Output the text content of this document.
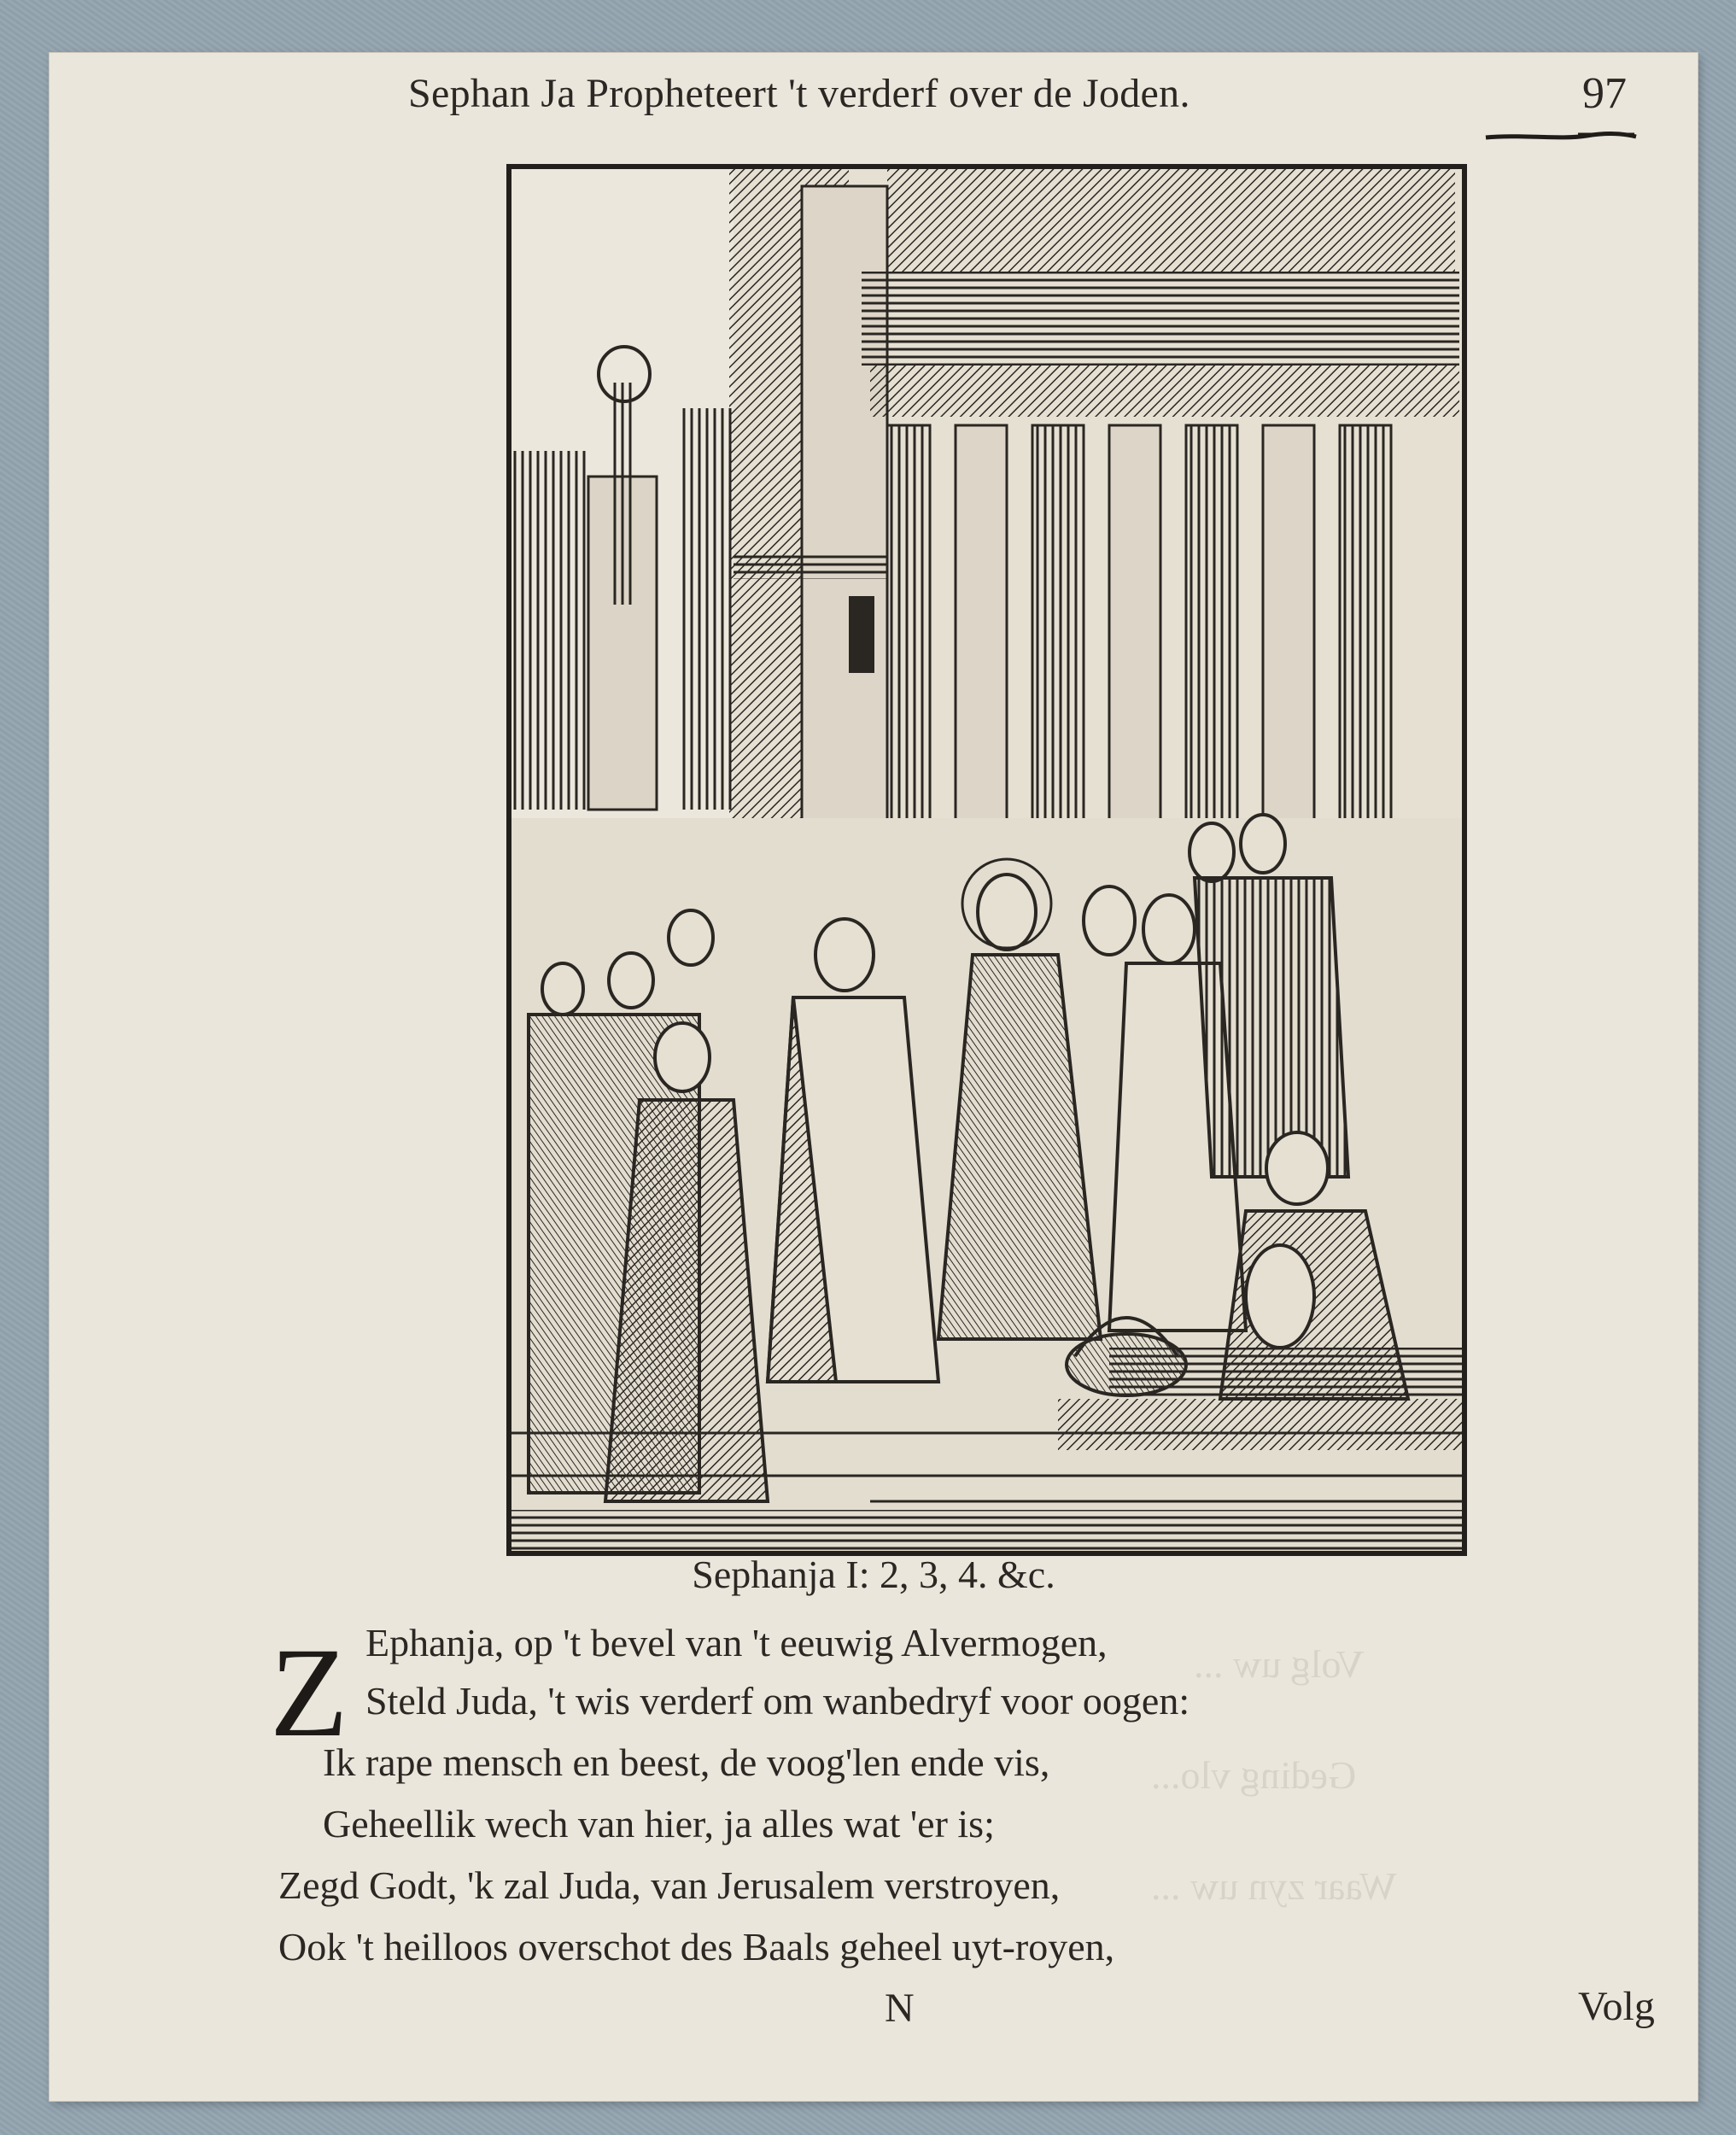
Volg uw ...
Geding vlo...
Waar zyn uw ...
Sephan Ja Propheteert 't verderf over de Joden.	97
Sephanja I: 2, 3, 4. &c.
Z Ephanja, op 't bevel van 't eeuwig Alvermogen,
Steld Juda, 't wis verderf om wanbedryf voor oogen:
Ik rape mensch en beest, de voog'len ende vis,
Geheellik wech van hier, ja alles wat 'er is;
Zegd Godt, 'k zal Juda, van Jerusalem verstroyen,
Ook 't heilloos overschot des Baals geheel uyt-royen,
N	Volg
